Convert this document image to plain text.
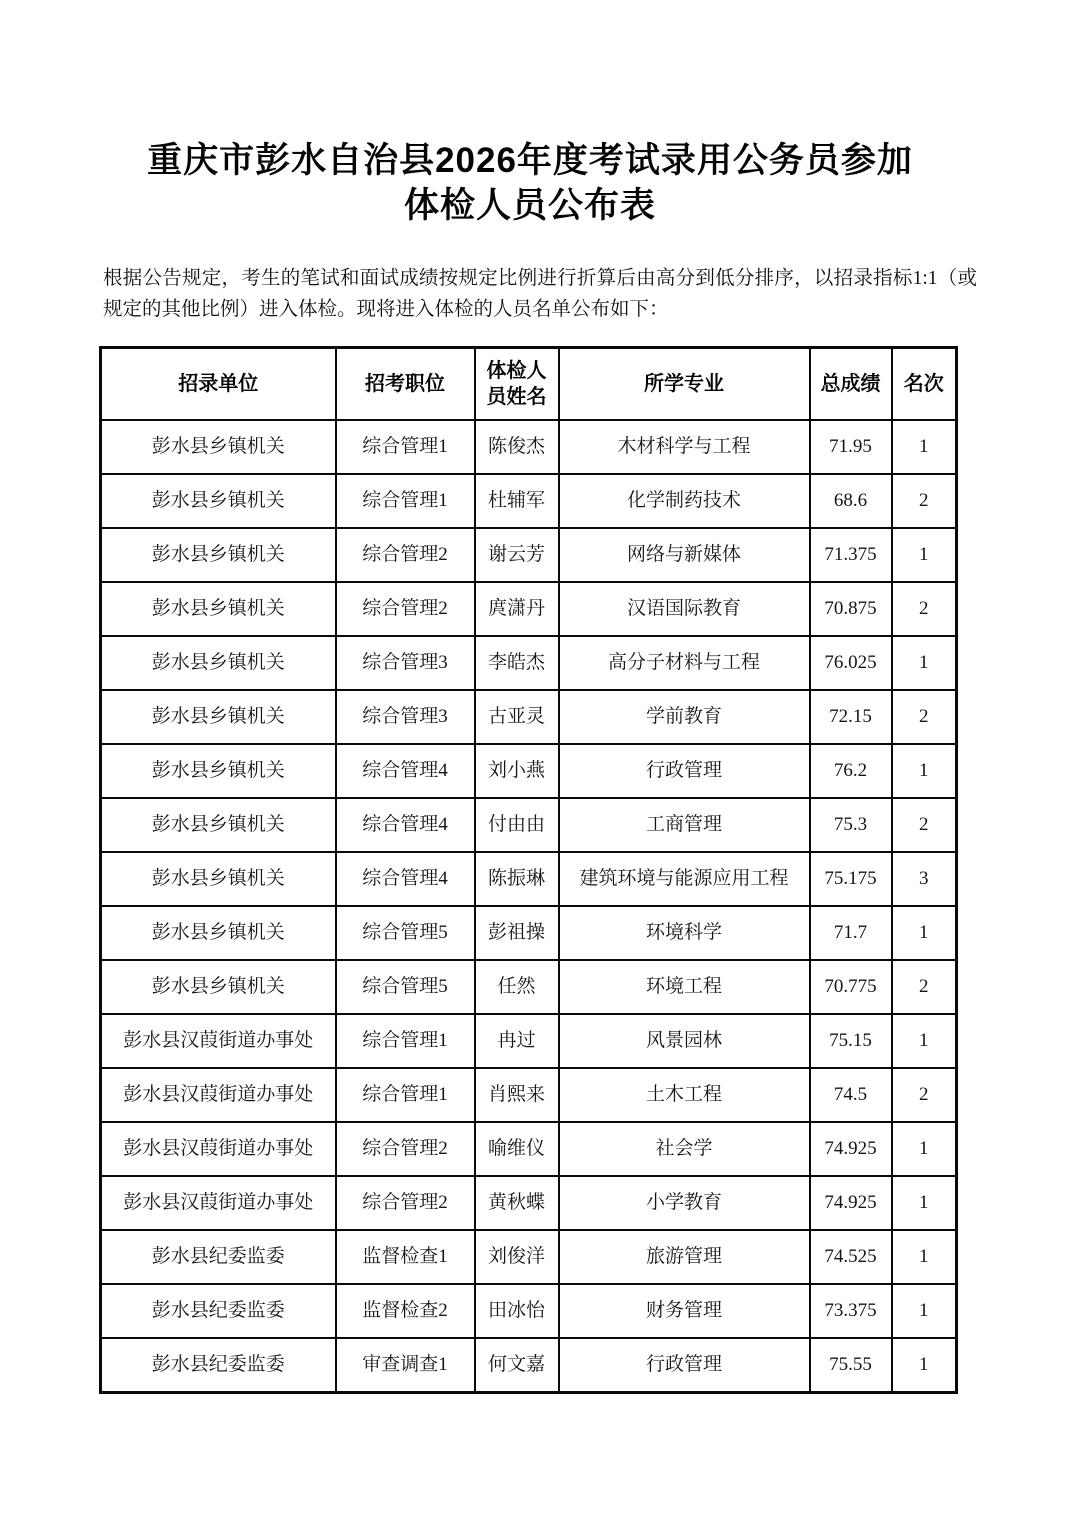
重庆市彭水自治县2026年度考试录用公务员参加
体检人员公布表

根据公告规定，考生的笔试和面试成绩按规定比例进行折算后由高分到低分排序，以招录指标1:1（或规定的其他比例）进入体检。现将进入体检的人员名单公布如下：

招录单位	招考职位	体检人员姓名	所学专业	总成绩	名次
彭水县乡镇机关	综合管理1	陈俊杰	木材科学与工程	71.95	1
彭水县乡镇机关	综合管理1	杜辅军	化学制药技术	68.6	2
彭水县乡镇机关	综合管理2	谢云芳	网络与新媒体	71.375	1
彭水县乡镇机关	综合管理2	庹潇丹	汉语国际教育	70.875	2
彭水县乡镇机关	综合管理3	李皓杰	高分子材料与工程	76.025	1
彭水县乡镇机关	综合管理3	古亚灵	学前教育	72.15	2
彭水县乡镇机关	综合管理4	刘小燕	行政管理	76.2	1
彭水县乡镇机关	综合管理4	付由由	工商管理	75.3	2
彭水县乡镇机关	综合管理4	陈振琳	建筑环境与能源应用工程	75.175	3
彭水县乡镇机关	综合管理5	彭祖操	环境科学	71.7	1
彭水县乡镇机关	综合管理5	任然	环境工程	70.775	2
彭水县汉葭街道办事处	综合管理1	冉过	风景园林	75.15	1
彭水县汉葭街道办事处	综合管理1	肖熙来	土木工程	74.5	2
彭水县汉葭街道办事处	综合管理2	喻维仪	社会学	74.925	1
彭水县汉葭街道办事处	综合管理2	黄秋蝶	小学教育	74.925	1
彭水县纪委监委	监督检查1	刘俊洋	旅游管理	74.525	1
彭水县纪委监委	监督检查2	田冰怡	财务管理	73.375	1
彭水县纪委监委	审查调查1	何文嘉	行政管理	75.55	1
